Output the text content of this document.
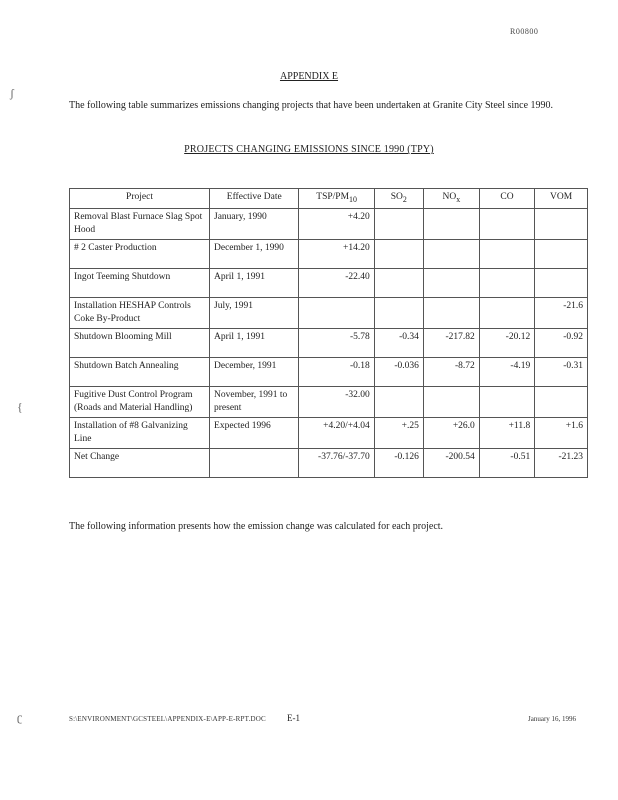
R00800
ʃ
{
ʗ
APPENDIX E
The following table summarizes emissions changing projects that have been undertaken at Granite City Steel since 1990.
PROJECTS CHANGING EMISSIONS SINCE 1990 (TPY)
Project	Effective Date	TSP/$PM_{10}$	$SO_2$	$NO_x$	CO	VOM
Removal Blast Furnace Slag Spot Hood	January, 1990	+4.20				
# 2 Caster Production	December 1, 1990	+14.20				
Ingot Teeming Shutdown	April 1, 1991	-22.40				
Installation HESHAP Controls Coke By-Product	July, 1991					-21.6
Shutdown Blooming Mill	April 1, 1991	-5.78	-0.34	-217.82	-20.12	-0.92
Shutdown Batch Annealing	December, 1991	-0.18	-0.036	-8.72	-4.19	-0.31
Fugitive Dust Control Program (Roads and Material Handling)	November, 1991 to present	-32.00				
Installation of #8 Galvanizing Line	Expected 1996	+4.20/+4.04	+.25	+26.0	+11.8	+1.6
Net Change		-37.76/-37.70	-0.126	-200.54	-0.51	-21.23
The following information presents how the emission change was calculated for each project.
S:\ENVIRONMENT\GCSTEEL\APPENDIX-E\APP-E-RPT.DOC E-1	January 16, 1996
